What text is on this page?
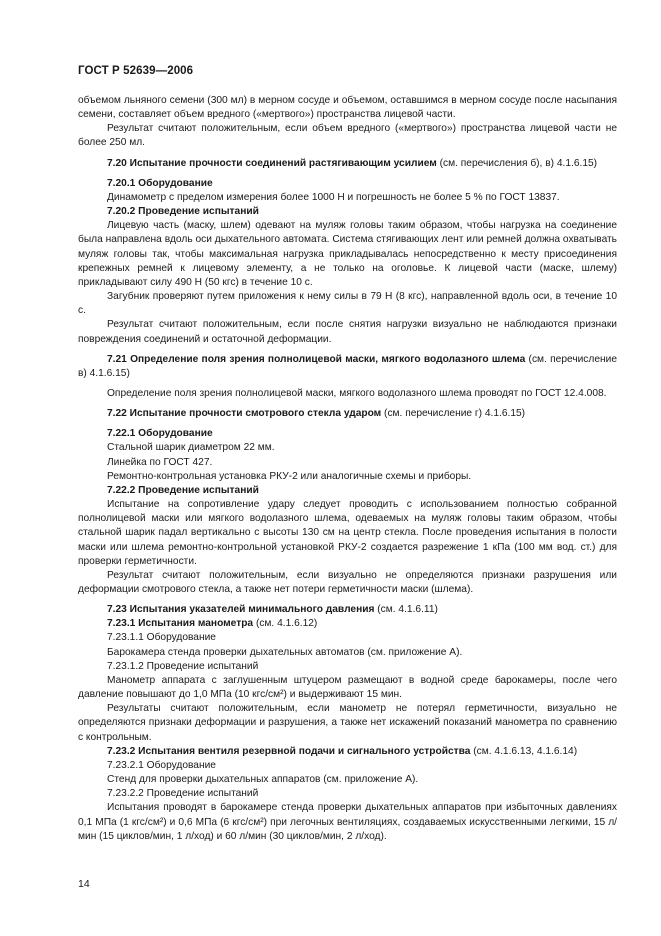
ГОСТ Р 52639—2006

объемом льняного семени (300 мл) в мерном сосуде и объемом, оставшимся в мерном сосуде после насыпания семени, составляет объем вредного («мертвого») пространства лицевой части.

Результат считают положительным, если объем вредного («мертвого») пространства лицевой части не более 250 мл.

7.20 Испытание прочности соединений растягивающим усилием (см. перечисления б), в) 4.1.6.15)

7.20.1 Оборудование

Динамометр с пределом измерения более 1000 Н и погрешность не более 5 % по ГОСТ 13837.

7.20.2 Проведение испытаний

Лицевую часть (маску, шлем) одевают на муляж головы таким образом, чтобы нагрузка на соединение была направлена вдоль оси дыхательного автомата. Система стягивающих лент или ремней должна охватывать муляж головы так, чтобы максимальная нагрузка прикладывалась непосредственно к месту присоединения крепежных ремней к лицевому элементу, а не только на оголовье. К лицевой части (маске, шлему) прикладывают силу 490 Н (50 кгс) в течение 10 с.

Загубник проверяют путем приложения к нему силы в 79 Н (8 кгс), направленной вдоль оси, в течение 10 с.

Результат считают положительным, если после снятия нагрузки визуально не наблюдаются признаки повреждения соединений и остаточной деформации.

7.21 Определение поля зрения полнолицевой маски, мягкого водолазного шлема (см. перечисление в) 4.1.6.15)

Определение поля зрения полнолицевой маски, мягкого водолазного шлема проводят по ГОСТ 12.4.008.

7.22 Испытание прочности смотрового стекла ударом (см. перечисление г) 4.1.6.15)

7.22.1 Оборудование

Стальной шарик диаметром 22 мм.

Линейка по ГОСТ 427.

Ремонтно-контрольная установка РКУ-2 или аналогичные схемы и приборы.

7.22.2 Проведение испытаний

Испытание на сопротивление удару следует проводить с использованием полностью собранной полнолицевой маски или мягкого водолазного шлема, одеваемых на муляж головы таким образом, чтобы стальной шарик падал вертикально с высоты 130 см на центр стекла. После проведения испытания в полости маски или шлема ремонтно-контрольной установкой РКУ-2 создается разрежение 1 кПа (100 мм вод. ст.) для проверки герметичности.

Результат считают положительным, если визуально не определяются признаки разрушения или деформации смотрового стекла, а также нет потери герметичности маски (шлема).

7.23 Испытания указателей минимального давления (см. 4.1.6.11)

7.23.1 Испытания манометра (см. 4.1.6.12)

7.23.1.1 Оборудование

Барокамера стенда проверки дыхательных автоматов (см. приложение А).

7.23.1.2 Проведение испытаний

Манометр аппарата с заглушенным штуцером размещают в водной среде барокамеры, после чего давление повышают до 1,0 МПа (10 кгс/см²) и выдерживают 15 мин.

Результаты считают положительным, если манометр не потерял герметичности, визуально не определяются признаки деформации и разрушения, а также нет искажений показаний манометра по сравнению с контрольным.

7.23.2 Испытания вентиля резервной подачи и сигнального устройства (см. 4.1.6.13, 4.1.6.14)

7.23.2.1 Оборудование

Стенд для проверки дыхательных аппаратов (см. приложение А).

7.23.2.2 Проведение испытаний

Испытания проводят в барокамере стенда проверки дыхательных аппаратов при избыточных давлениях 0,1 МПа (1 кгс/см²) и 0,6 МПа (6 кгс/см²) при легочных вентиляциях, создаваемых искусственными легкими, 15 л/мин (15 циклов/мин, 1 л/ход) и 60 л/мин (30 циклов/мин, 2 л/ход).

14
